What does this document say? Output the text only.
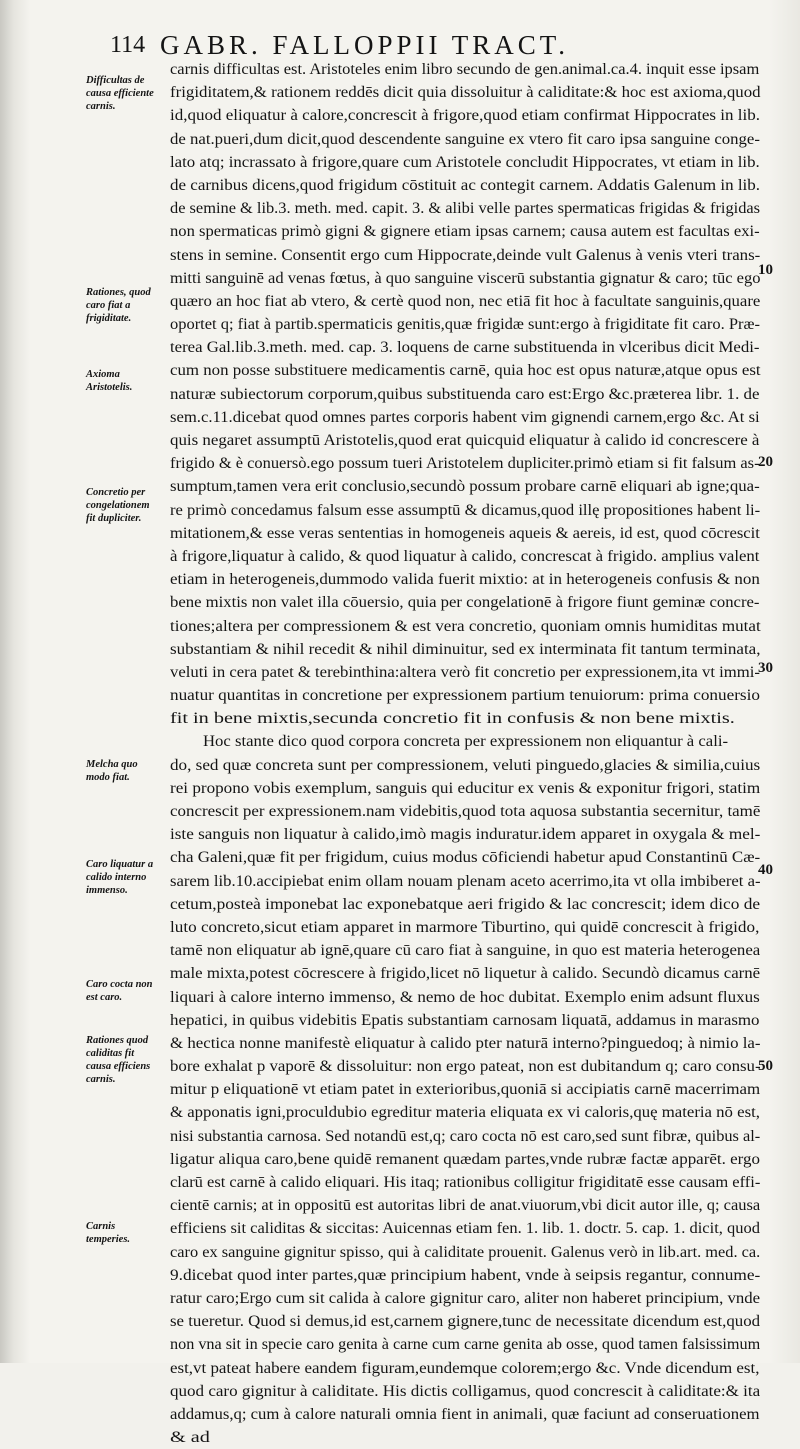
114 GABR. FALLOPPII TRACT.
Difficultas de causa efficiente carnis.
Rationes, quod caro fiat a frigiditate.
Axioma Aristotelis.
Concretio per congelationem fit dupliciter.
Melcha quo modo fiat.
Caro liquatur a calido interno immenso.
Caro cocta non est caro.
Rationes quod caliditas fit causa efficiens carnis.
Carnis temperies.
carnis difficultas est. Aristoteles enim libro secundo de gen.animal.ca.4. inquit esse ipsam
frigiditatem,& rationem reddēs dicit quia dissoluitur à caliditate:& hoc est axioma,quod
id,quod eliquatur à calore,concrescit à frigore,quod etiam confirmat Hippocrates in lib.
de nat.pueri,dum dicit,quod descendente sanguine ex vtero fit caro ipsa sanguine conge-
lato atq; incrassato à frigore,quare cum Aristotele concludit Hippocrates, vt etiam in lib.
de carnibus dicens,quod frigidum cōstituit ac contegit carnem. Addatis Galenum in lib.
de semine & lib.3. meth. med. capit. 3. & alibi velle partes spermaticas frigidas & frigidas
non spermaticas primò gigni & gignere etiam ipsas carnem; causa autem est facultas exi-
stens in semine. Consentit ergo cum Hippocrate,deinde vult Galenus à venis vteri trans-
mitti sanguinē ad venas fœtus, à quo sanguine viscerū substantia gignatur & caro; tūc ego
quæro an hoc fiat ab vtero, & certè quod non, nec etiā fit hoc à facultate sanguinis,quare
oportet q; fiat à partib.spermaticis genitis,quæ frigidæ sunt:ergo à frigiditate fit caro. Præ-
terea Gal.lib.3.meth. med. cap. 3. loquens de carne substituenda in vlceribus dicit Medi-
cum non posse substituere medicamentis carnē, quia hoc est opus naturæ,atque opus est
naturæ subiectorum corporum,quibus substituenda caro est:Ergo &c.præterea libr. 1. de
sem.c.11.dicebat quod omnes partes corporis habent vim gignendi carnem,ergo &c. At si
quis negaret assumptū Aristotelis,quod erat quicquid eliquatur à calido id concrescere à
frigido & è conuersò.ego possum tueri Aristotelem dupliciter.primò etiam si fit falsum as-
sumptum,tamen vera erit conclusio,secundò possum probare carnē eliquari ab igne;qua-
re primò concedamus falsum esse assumptū & dicamus,quod illę propositiones habent li-
mitationem,& esse veras sententias in homogeneis aqueis & aereis, id est, quod cōcrescit
à frigore,liquatur à calido, & quod liquatur à calido, concrescat à frigido. amplius valent
etiam in heterogeneis,dummodo valida fuerit mixtio: at in heterogeneis confusis & non
bene mixtis non valet illa cōuersio, quia per congelationē à frigore fiunt geminæ concre-
tiones;altera per compressionem & est vera concretio, quoniam omnis humiditas mutat
substantiam & nihil recedit & nihil diminuitur, sed ex interminata fit tantum terminata,
veluti in cera patet & terebinthina:altera verò fit concretio per expressionem,ita vt immi-
nuatur quantitas in concretione per expressionem partium tenuiorum: prima conuersio
fit in bene mixtis,secunda concretio fit in confusis & non bene mixtis.
Hoc stante dico quod corpora concreta per expressionem non eliquantur à cali-
do, sed quæ concreta sunt per compressionem, veluti pinguedo,glacies & similia,cuius
rei propono vobis exemplum, sanguis qui educitur ex venis & exponitur frigori, statim
concrescit per expressionem.nam videbitis,quod tota aquosa substantia secernitur, tamē
iste sanguis non liquatur à calido,imò magis induratur.idem apparet in oxygala & mel-
cha Galeni,quæ fit per frigidum, cuius modus cōficiendi habetur apud Constantinū Cæ-
sarem lib.10.accipiebat enim ollam nouam plenam aceto acerrimo,ita vt olla imbiberet a-
cetum,posteà imponebat lac exponebatque aeri frigido & lac concrescit; idem dico de
luto concreto,sicut etiam apparet in marmore Tiburtino, qui quidē concrescit à frigido,
tamē non eliquatur ab ignē,quare cū caro fiat à sanguine, in quo est materia heterogenea
male mixta,potest cōcrescere à frigido,licet nō liquetur à calido. Secundò dicamus carnē
liquari à calore interno immenso, & nemo de hoc dubitat. Exemplo enim adsunt fluxus
hepatici, in quibus videbitis Epatis substantiam carnosam liquatā, addamus in marasmo
& hectica nonne manifestè eliquatur à calido pter naturā interno?pinguedoq; à nimio la-
bore exhalat p vaporē & dissoluitur: non ergo pateat, non est dubitandum q; caro consu-
mitur p eliquationē vt etiam patet in exterioribus,quoniā si accipiatis carnē macerrimam
& apponatis igni,proculdubio egreditur materia eliquata ex vi caloris,quę materia nō est,
nisi substantia carnosa. Sed notandū est,q; caro cocta nō est caro,sed sunt fibræ, quibus al-
ligatur aliqua caro,bene quidē remanent quædam partes,vnde rubræ factæ apparēt. ergo
clarū est carnē à calido eliquari. His itaq; rationibus colligitur frigiditatē esse causam effi-
cientē carnis; at in oppositū est autoritas libri de anat.viuorum,vbi dicit autor ille, q; causa
efficiens sit caliditas & siccitas: Auicennas etiam fen. 1. lib. 1. doctr. 5. cap. 1. dicit, quod
caro ex sanguine gignitur spisso, qui à caliditate prouenit. Galenus verò in lib.art. med. ca.
9.dicebat quod inter partes,quæ principium habent, vnde à seipsis regantur, connume-
ratur caro;Ergo cum sit calida à calore gignitur caro, aliter non haberet principium, vnde
se tueretur. Quod si demus,id est,carnem gignere,tunc de necessitate dicendum est,quod
non vna sit in specie caro genita à carne cum carne genita ab osse, quod tamen falsissimum
est,vt pateat habere eandem figuram,eundemque colorem;ergo &c. Vnde dicendum est,
quod caro gignitur à caliditate. His dictis colligamus, quod concrescit à caliditate:& ita
addamus,q; cum à calore naturali omnia fient in animali, quæ faciunt ad conseruationem
& ad
10
20
30
40
50
